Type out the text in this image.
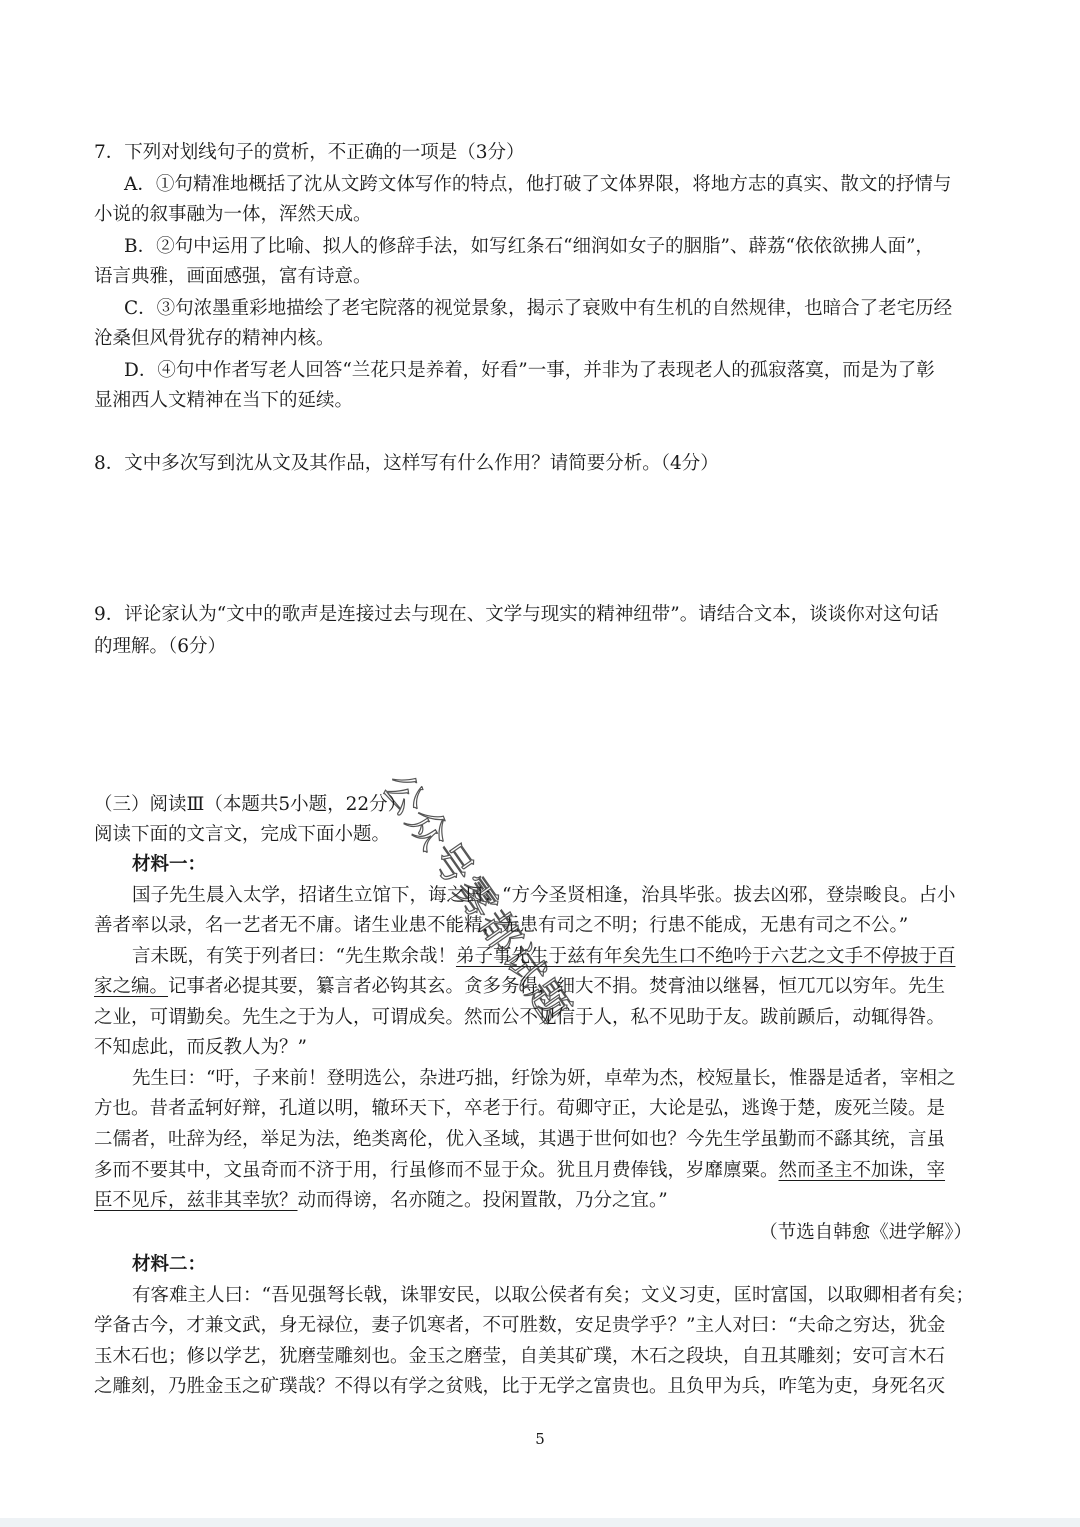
7．下列对划线句子的赏析，不正确的一项是（3分）
A．①句精准地概括了沈从文跨文体写作的特点，他打破了文体界限，将地方志的真实、散文的抒情与
小说的叙事融为一体，浑然天成。
B．②句中运用了比喻、拟人的修辞手法，如写红条石“细润如女子的胭脂”、薜荔“依依欲拂人面”，
语言典雅，画面感强，富有诗意。
C．③句浓墨重彩地描绘了老宅院落的视觉景象，揭示了衰败中有生机的自然规律，也暗合了老宅历经
沧桑但风骨犹存的精神内核。
D．④句中作者写老人回答“兰花只是养着，好看”一事，并非为了表现老人的孤寂落寞，而是为了彰
显湘西人文精神在当下的延续。
8．文中多次写到沈从文及其作品，这样写有什么作用？请简要分析。（4分）
9．评论家认为“文中的歌声是连接过去与现在、文学与现实的精神纽带”。请结合文本，谈谈你对这句话
的理解。（6分）
公众号雾都试题
（三）阅读Ⅲ（本题共5小题，22分）
阅读下面的文言文，完成下面小题。
材料一：
国子先生晨入太学，招诸生立馆下，诲之曰：“方今圣贤相逢，治具毕张。拔去凶邪，登崇畯良。占小
善者率以录，名一艺者无不庸。诸生业患不能精，无患有司之不明；行患不能成，无患有司之不公。”
言未既，有笑于列者曰：“先生欺余哉！弟子事先生于兹有年矣先生口不绝吟于六艺之文手不停披于百
家之编。记事者必提其要，纂言者必钩其玄。贪多务得，细大不捐。焚膏油以继晷，恒兀兀以穷年。先生
之业，可谓勤矣。先生之于为人，可谓成矣。然而公不见信于人，私不见助于友。跋前踬后，动辄得咎。
不知虑此，而反教人为？”
先生曰：“吁，子来前！登明选公，杂进巧拙，纡馀为妍，卓荦为杰，校短量长，惟器是适者，宰相之
方也。昔者孟轲好辩，孔道以明，辙环天下，卒老于行。荀卿守正，大论是弘，逃谗于楚，废死兰陵。是
二儒者，吐辞为经，举足为法，绝类离伦，优入圣域，其遇于世何如也？今先生学虽勤而不繇其统，言虽
多而不要其中，文虽奇而不济于用，行虽修而不显于众。犹且月费俸钱，岁靡廪粟。然而圣主不加诛，宰
臣不见斥，兹非其幸欤？动而得谤，名亦随之。投闲置散，乃分之宜。”
（节选自韩愈《进学解》）
材料二：
有客难主人曰：“吾见强弩长戟，诛罪安民，以取公侯者有矣；文义习吏，匡时富国，以取卿相者有矣；
学备古今，才兼文武，身无禄位，妻子饥寒者，不可胜数，安足贵学乎？”主人对曰：“夫命之穷达，犹金
玉木石也；修以学艺，犹磨莹雕刻也。金玉之磨莹，自美其矿璞，木石之段块，自丑其雕刻；安可言木石
之雕刻，乃胜金玉之矿璞哉？不得以有学之贫贱，比于无学之富贵也。且负甲为兵，咋笔为吏，身死名灭
5
